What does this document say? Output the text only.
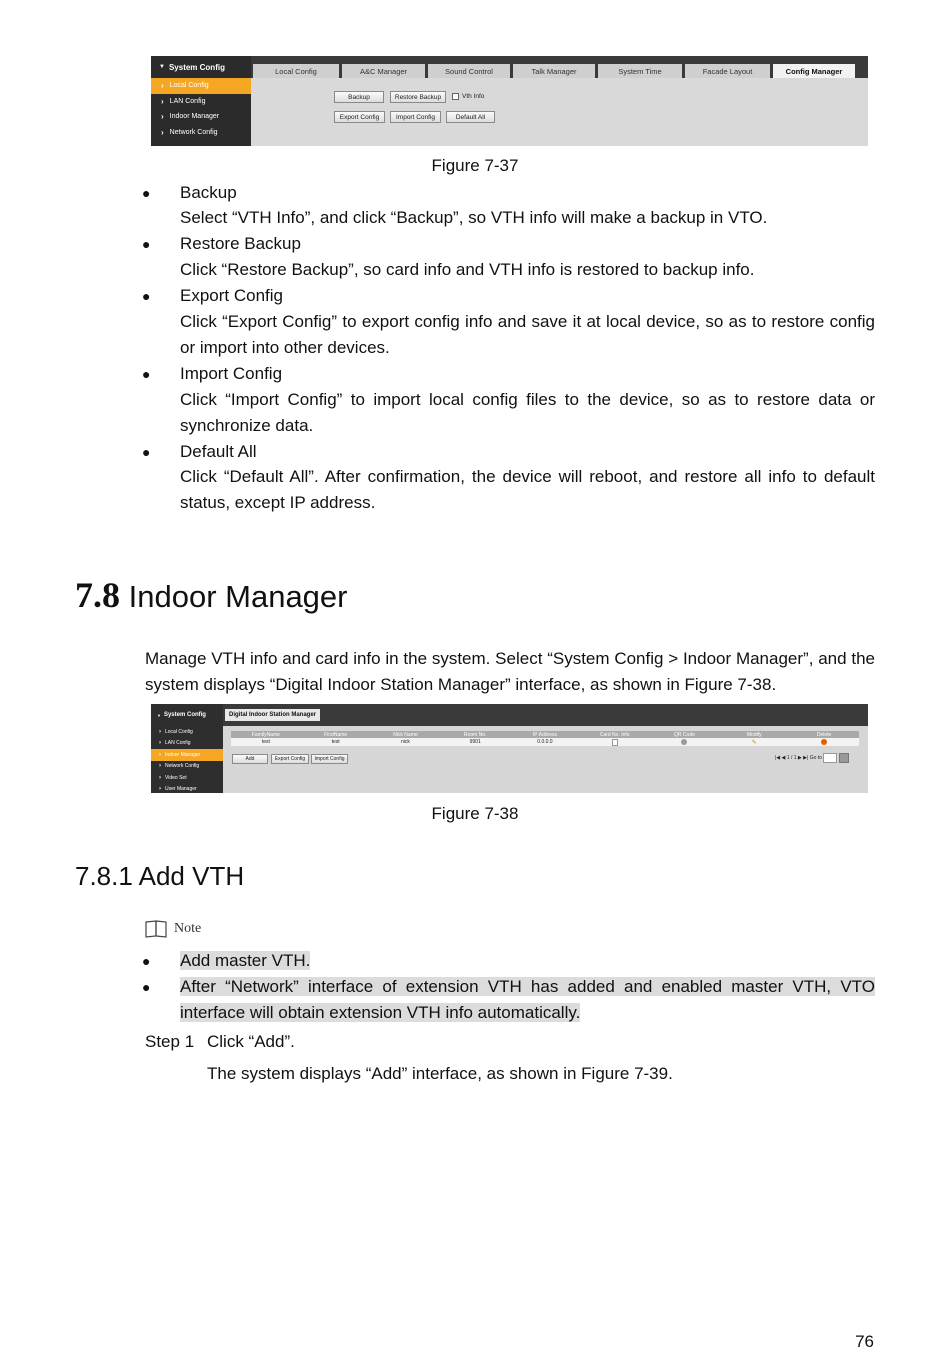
▼ System Config
› Local Config
› LAN Config
› Indoor Manager
› Network Config
Local Config	A&C Manager	Sound Control	Talk Manager	System Time	Facade Layout	Config Manager
Backup	Restore Backup	Vth Info
Export Config	Import Config	Default All

Figure 7-37

● Backup

Select “VTH Info”, and click “Backup”, so VTH info will make a backup in VTO.

● Restore Backup

Click “Restore Backup”, so card info and VTH info is restored to backup info.

● Export Config

Click “Export Config” to export config info and save it at local device, so as to restore config or import into other devices.

● Import Config

Click “Import Config” to import local config files to the device, so as to restore data or synchronize data.

● Default All

Click “Default All”. After confirmation, the device will reboot, and restore all info to default status, except IP address.

7.8 Indoor Manager

Manage VTH info and card info in the system. Select “System Config > Indoor Manager”, and the system displays “Digital Indoor Station Manager” interface, as shown in Figure 7-38.

▼ System Config
› Local Config
› LAN Config
› Indoor Manager
› Network Config
› Video Set
› User Manager
Digital Indoor Station Manager
FamilyName	FirstName	Nick Name	Room No.	IP Address	Card No. Info	QR Code	Modify	Delete
test	test	nick	9901	0.0.0.0			✎	
Add	Export Config	Import Config	|◀
◀
1 / 1
▶
▶|
Go to

Figure 7-38

7.8.1 Add VTH
Note
● Add master VTH.

● After “Network” interface of extension VTH has added and enabled master VTH, VTO interface will obtain extension VTH info automatically.

Step 1 Click “Add”.

The system displays “Add” interface, as shown in Figure 7-39.

76
